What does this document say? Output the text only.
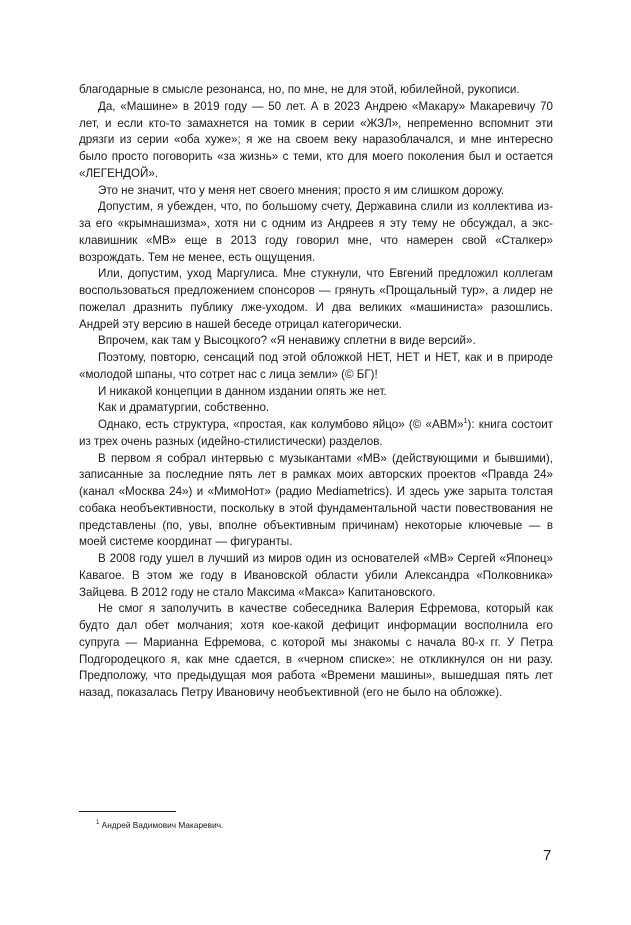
благодарные в смысле резонанса, но, по мне, не для этой, юбилейной, рукописи.

Да, «Машине» в 2019 году — 50 лет. А в 2023 Андрею «Макару» Макаревичу 70 лет, и если кто-то замахнется на томик в серии «ЖЗЛ», непременно вспомнит эти дрязги из серии «оба хуже»; я же на своем веку наразоблачался, и мне интересно было просто поговорить «за жизнь» с теми, кто для моего поколения был и остается «ЛЕГЕНДОЙ».

Это не значит, что у меня нет своего мнения; просто я им слишком дорожу.

Допустим, я убежден, что, по большому счету, Державина слили из коллектива из-за его «крымнашизма», хотя ни с одним из Андреев я эту тему не обсуждал, а экс-клавишник «МВ» еще в 2013 году говорил мне, что намерен свой «Сталкер» возрождать. Тем не менее, есть ощущения.

Или, допустим, уход Маргулиса. Мне стукнули, что Евгений предложил коллегам воспользоваться предложением спонсоров — грянуть «Прощальный тур», а лидер не пожелал дразнить публику лже-уходом. И два великих «машиниста» разошлись. Андрей эту версию в нашей беседе отрицал категорически.

Впрочем, как там у Высоцкого? «Я ненавижу сплетни в виде версий».

Поэтому, повторю, сенсаций под этой обложкой НЕТ, НЕТ и НЕТ, как и в природе «молодой шпаны, что сотрет нас с лица земли» (© БГ)!

И никакой концепции в данном издании опять же нет.

Как и драматургии, собственно.

Однако, есть структура, «простая, как колумбово яйцо» (© «АВМ»$^1$): книга состоит из трех очень разных (идейно-стилистически) разделов.

В первом я собрал интервью с музыкантами «МВ» (действующими и бывшими), записанные за последние пять лет в рамках моих авторских проектов «Правда 24» (канал «Москва 24») и «МимоНот» (радио Mediametrics). И здесь уже зарыта толстая собака необъективности, поскольку в этой фундаментальной части повествования не представлены (по, увы, вполне объективным причинам) некоторые ключевые — в моей системе координат — фигуранты.

В 2008 году ушел в лучший из миров один из основателей «МВ» Сергей «Японец» Кавагое. В этом же году в Ивановской области убили Александра «Полковника» Зайцева. В 2012 году не стало Максима «Макса» Капитановского.

Не смог я заполучить в качестве собеседника Валерия Ефремова, который как будто дал обет молчания; хотя кое-какой дефицит информации восполнила его супруга — Марианна Ефремова, с которой мы знакомы с начала 80-х гг. У Петра Подгородецкого я, как мне сдается, в «черном списке»: не откликнулся он ни разу. Предположу, что предыдущая моя работа «Времени машины», вышедшая пять лет назад, показалась Петру Ивановичу необъективной (его не было на обложке).

$^1$ Андрей Вадимович Макаревич.
7
